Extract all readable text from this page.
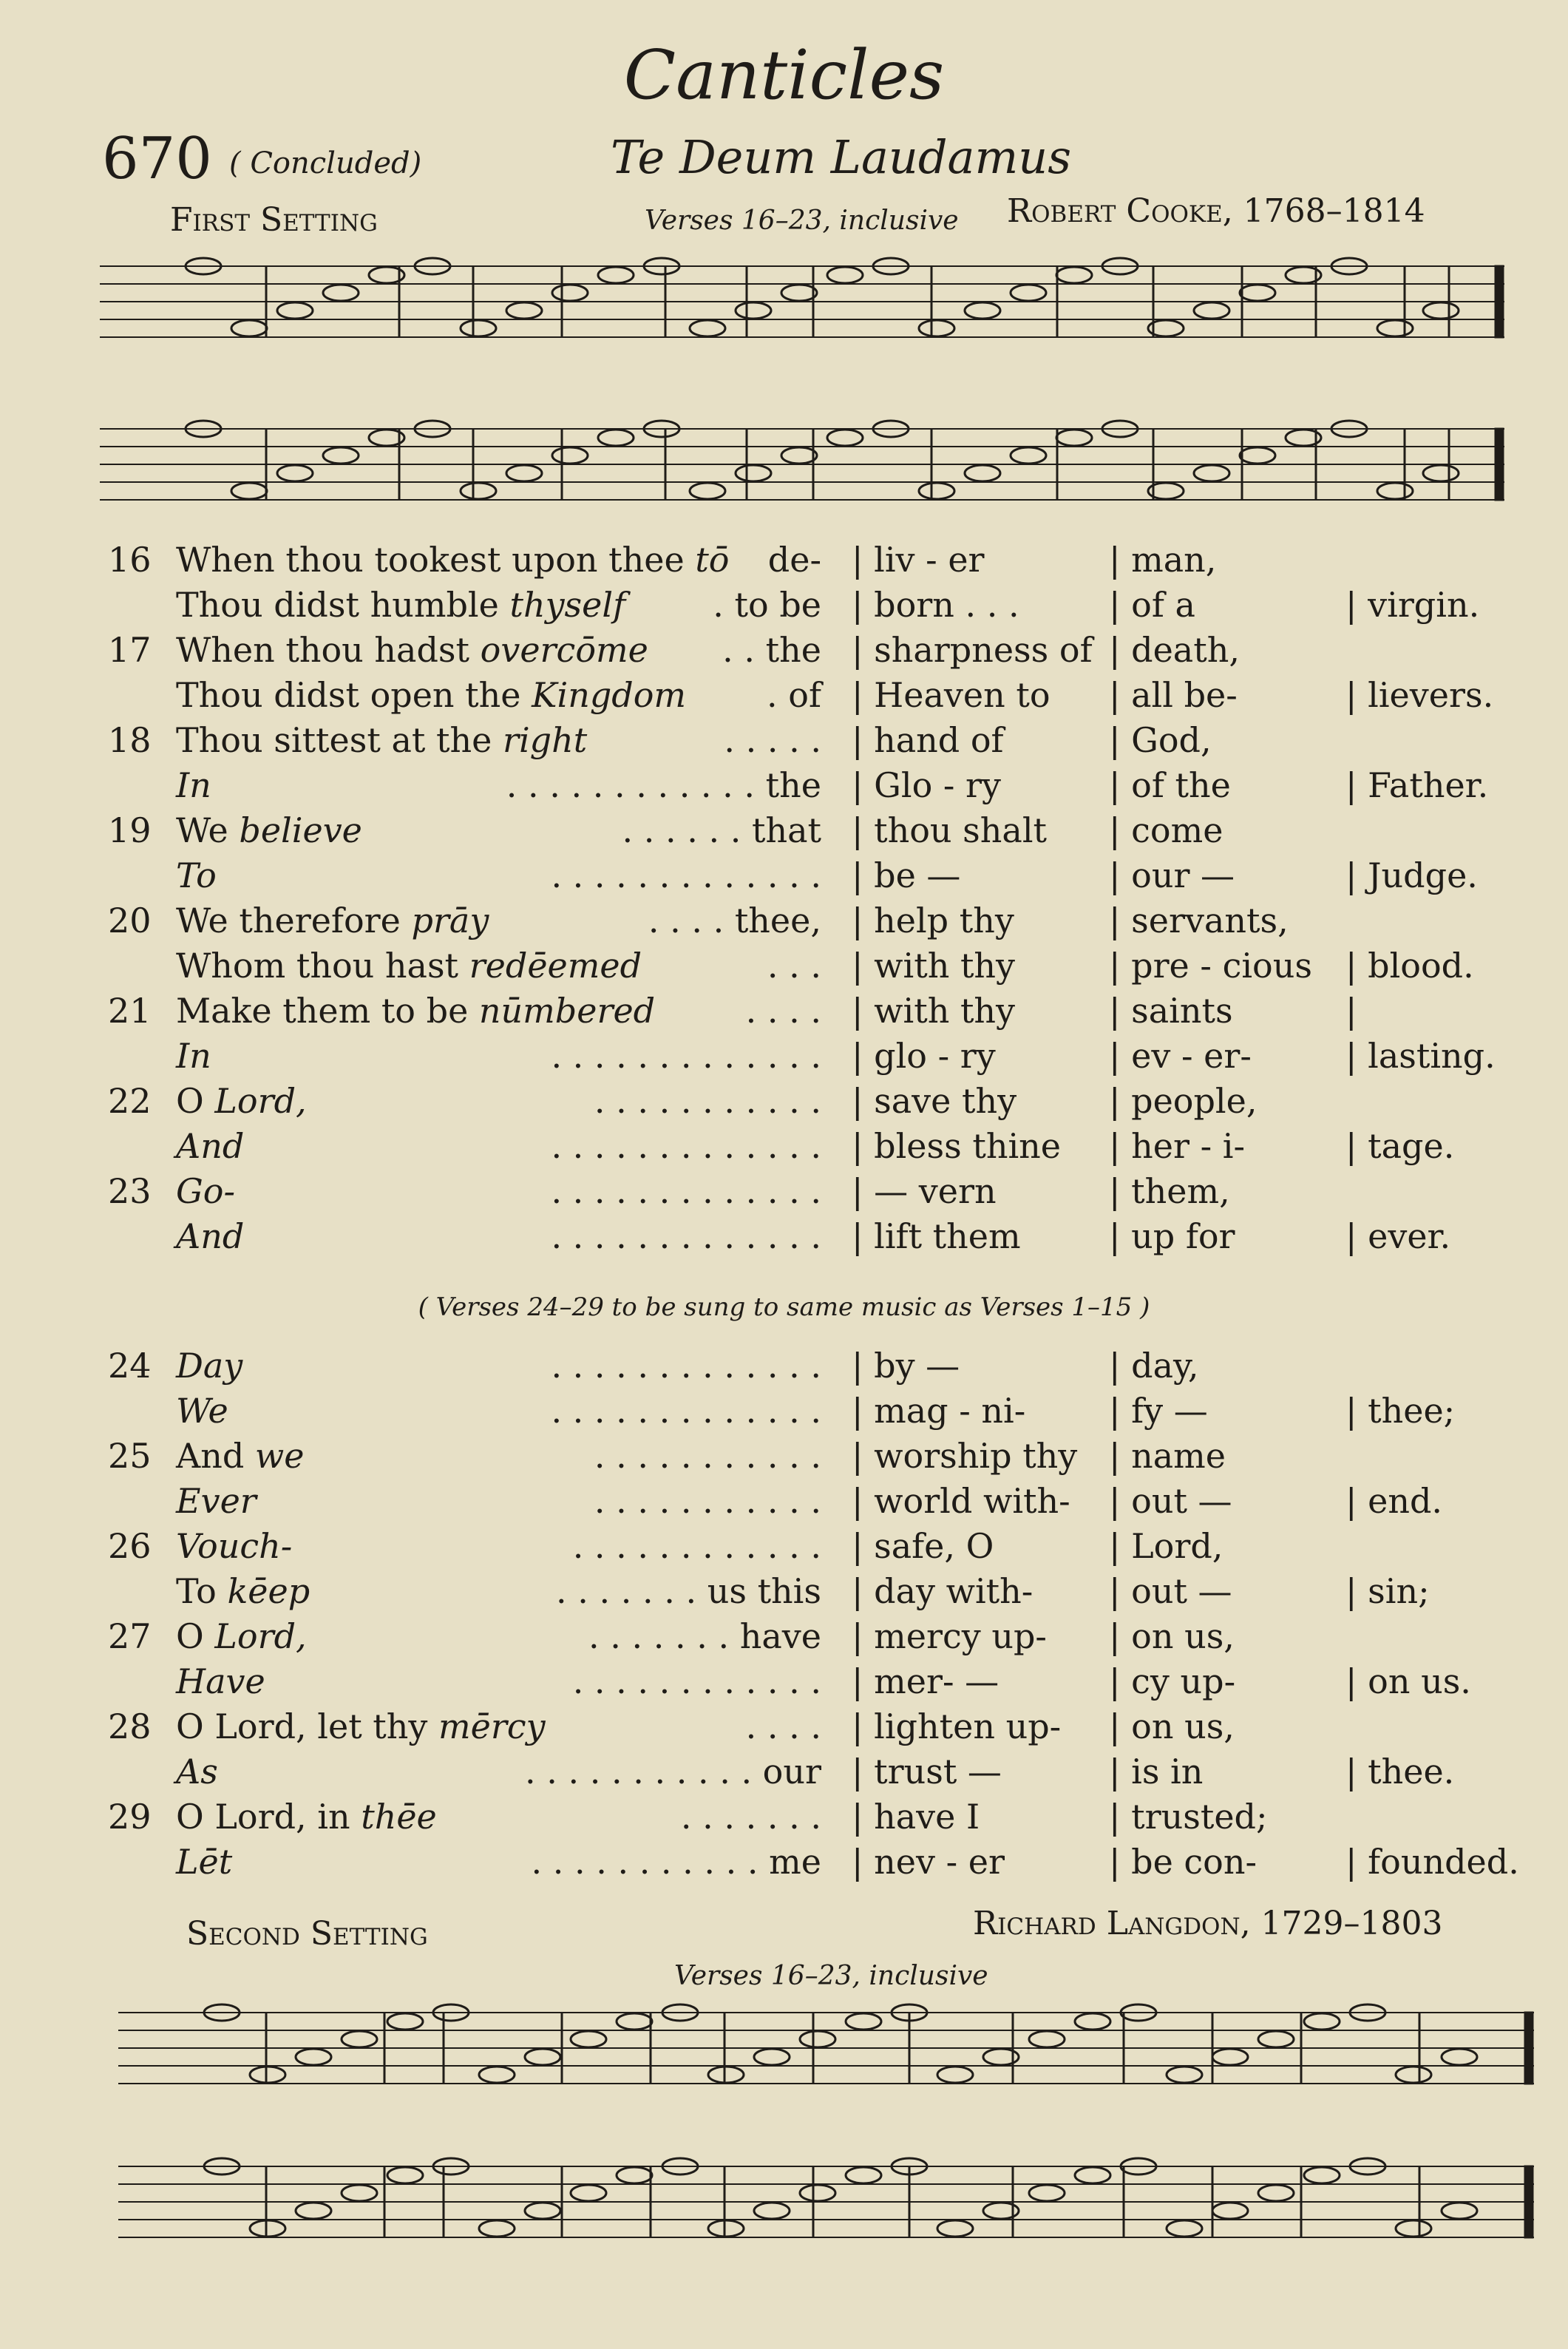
Canticles
670 ( Concluded)	Te Deum Laudamus
First Setting	Verses 16–23, inclusive Robert Cooke, 1768–1814
16 When thou tookest upon thee tō de- | liv - er	| man,
Thou didst humble thyself	. to be | born . . .	| of a	| virgin.
17 When thou hadst overcōme . . the | sharpness of | death,
Thou didst open the Kingdom . of | Heaven to | all be-	| lievers.
18 Thou sittest at the right	. . . . . | hand of	| God,
In	. . . . . . . . . . . . the | Glo - ry	| of the	| Father.
19 We believe	. . . . . . that | thou shalt | come
To	. . . . . . . . . . . . . | be —	| our —	| Judge.
20 We therefore prāy	. . . . thee, | help thy	| servants,
Whom thou hast redēemed	. . . | with thy	| pre - cious | blood.
21 Make them to be nūmbered	. . . . | with thy	| saints	|
In	. . . . . . . . . . . . . | glo - ry	| ev - er-	| lasting.
22 O Lord,	. . . . . . . . . . . | save thy	| people,
And	. . . . . . . . . . . . . | bless thine | her - i-	| tage.
23 Go-	. . . . . . . . . . . . . | — vern	| them,
And	. . . . . . . . . . . . . | lift them	| up for	| ever.
( Verses 24–29 to be sung to same music as Verses 1–15 )
24 Day	. . . . . . . . . . . . . | by —	| day,
We	. . . . . . . . . . . . . | mag - ni- | fy —	| thee;
25 And we	. . . . . . . . . . . | worship thy | name
Ever	. . . . . . . . . . . | world with- | out —	| end.
26 Vouch-	. . . . . . . . . . . . | safe, O	| Lord,
To kēep	. . . . . . . us this | day with- | out —	| sin;
27 O Lord,	. . . . . . . have | mercy up- | on us,
Have	. . . . . . . . . . . . | mer- —	| cy up-	| on us.
28 O Lord, let thy mērcy	. . . . | lighten up- | on us,
As	. . . . . . . . . . . our | trust —	| is in	| thee.
29 O Lord, in thēe	. . . . . . . | have I	| trusted;
Lēt	. . . . . . . . . . . me | nev - er	| be con-	| founded.
Second Setting	Richard Langdon, 1729–1803
Verses 16–23, inclusive
